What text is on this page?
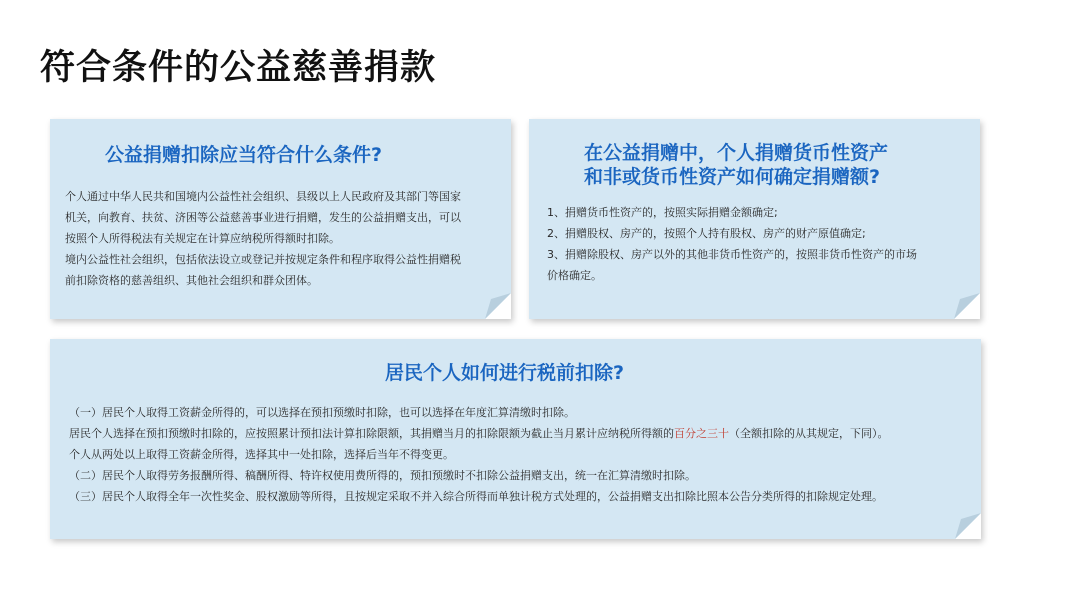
符合条件的公益慈善捐款
公益捐赠扣除应当符合什么条件?

个人通过中华人民共和国境内公益性社会组织、县级以上人民政府及其部门等国家

机关，向教育、扶贫、济困等公益慈善事业进行捐赠，发生的公益捐赠支出，可以

按照个人所得税法有关规定在计算应纳税所得额时扣除。

境内公益性社会组织，包括依法设立或登记并按规定条件和程序取得公益性捐赠税

前扣除资格的慈善组织、其他社会组织和群众团体。

在公益捐赠中，个人捐赠货币性资产
和非或货币性资产如何确定捐赠额?

1、捐赠货币性资产的，按照实际捐赠金额确定;

2、捐赠股权、房产的，按照个人持有股权、房产的财产原值确定;

3、捐赠除股权、房产以外的其他非货币性资产的，按照非货币性资产的市场

价格确定。

居民个人如何进行税前扣除?

（一）居民个人取得工资薪金所得的，可以选择在预扣预缴时扣除，也可以选择在年度汇算清缴时扣除。

居民个人选择在预扣预缴时扣除的，应按照累计预扣法计算扣除限额，其捐赠当月的扣除限额为截止当月累计应纳税所得额的百分之三十（全额扣除的从其规定，下同）。

个人从两处以上取得工资薪金所得，选择其中一处扣除，选择后当年不得变更。

（二）居民个人取得劳务报酬所得、稿酬所得、特许权使用费所得的，预扣预缴时不扣除公益捐赠支出，统一在汇算清缴时扣除。

（三）居民个人取得全年一次性奖金、股权激励等所得，且按规定采取不并入综合所得而单独计税方式处理的，公益捐赠支出扣除比照本公告分类所得的扣除规定处理。
